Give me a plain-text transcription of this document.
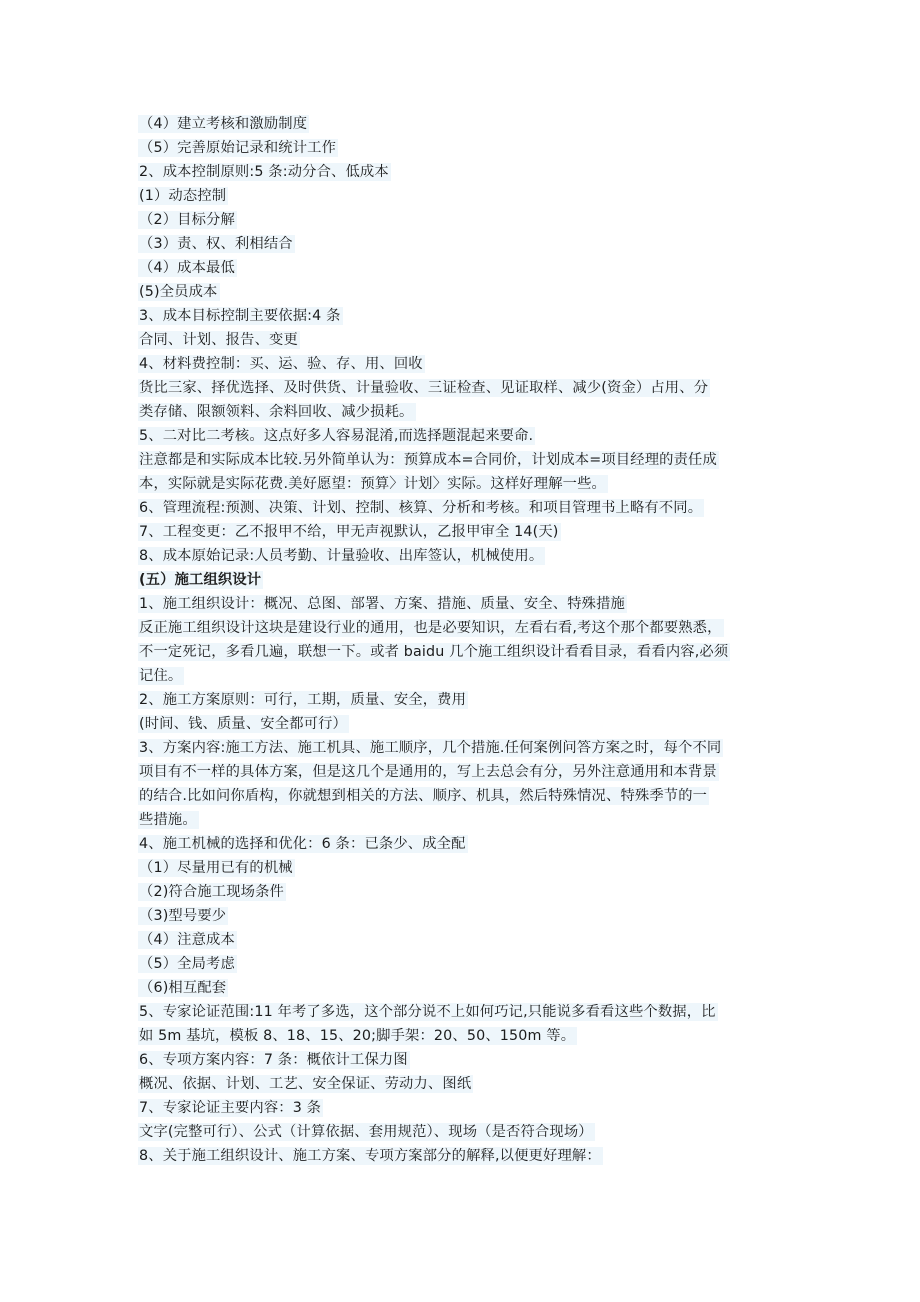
（4）建立考核和激励制度
（5）完善原始记录和统计工作
2、成本控制原则:5 条:动分合、低成本
(1）动态控制
（2）目标分解
（3）责、权、利相结合
（4）成本最低
(5)全员成本
3、成本目标控制主要依据:4 条
合同、计划、报告、变更
4、材料费控制：买、运、验、存、用、回收
货比三家、择优选择、及时供货、计量验收、三证检查、见证取样、减少(资金）占用、分
类存储、限额领料、余料回收、减少损耗。
5、二对比二考核。这点好多人容易混淆,而选择题混起来要命.
注意都是和实际成本比较.另外简单认为：预算成本=合同价，计划成本=项目经理的责任成
本，实际就是实际花费.美好愿望：预算〉计划〉实际。这样好理解一些。
6、管理流程:预测、决策、计划、控制、核算、分析和考核。和项目管理书上略有不同。
7、工程变更：乙不报甲不给，甲无声视默认，乙报甲审全 14(天)
8、成本原始记录:人员考勤、计量验收、出库签认，机械使用。
(五）施工组织设计
1、施工组织设计：概况、总图、部署、方案、措施、质量、安全、特殊措施
反正施工组织设计这块是建设行业的通用，也是必要知识，左看右看,考这个那个都要熟悉，
不一定死记，多看几遍，联想一下。或者 baidu 几个施工组织设计看看目录，看看内容,必须
记住。
2、施工方案原则：可行，工期，质量、安全，费用
(时间、钱、质量、安全都可行）
3、方案内容:施工方法、施工机具、施工顺序，几个措施.任何案例问答方案之时，每个不同
项目有不一样的具体方案，但是这几个是通用的，写上去总会有分，另外注意通用和本背景
的结合.比如问你盾构，你就想到相关的方法、顺序、机具，然后特殊情况、特殊季节的一
些措施。
4、施工机械的选择和优化：6 条：已条少、成全配
（1）尽量用已有的机械
（2)符合施工现场条件
（3)型号要少
（4）注意成本
（5）全局考虑
（6)相互配套
5、专家论证范围:11 年考了多选，这个部分说不上如何巧记,只能说多看看这些个数据，比
如 5m 基坑，模板 8、18、15、20;脚手架：20、50、150m 等。
6、专项方案内容：7 条：概依计工保力图
概况、依据、计划、工艺、安全保证、劳动力、图纸
7、专家论证主要内容：3 条
文字(完整可行）、公式（计算依据、套用规范）、现场（是否符合现场）
8、关于施工组织设计、施工方案、专项方案部分的解释,以便更好理解：
